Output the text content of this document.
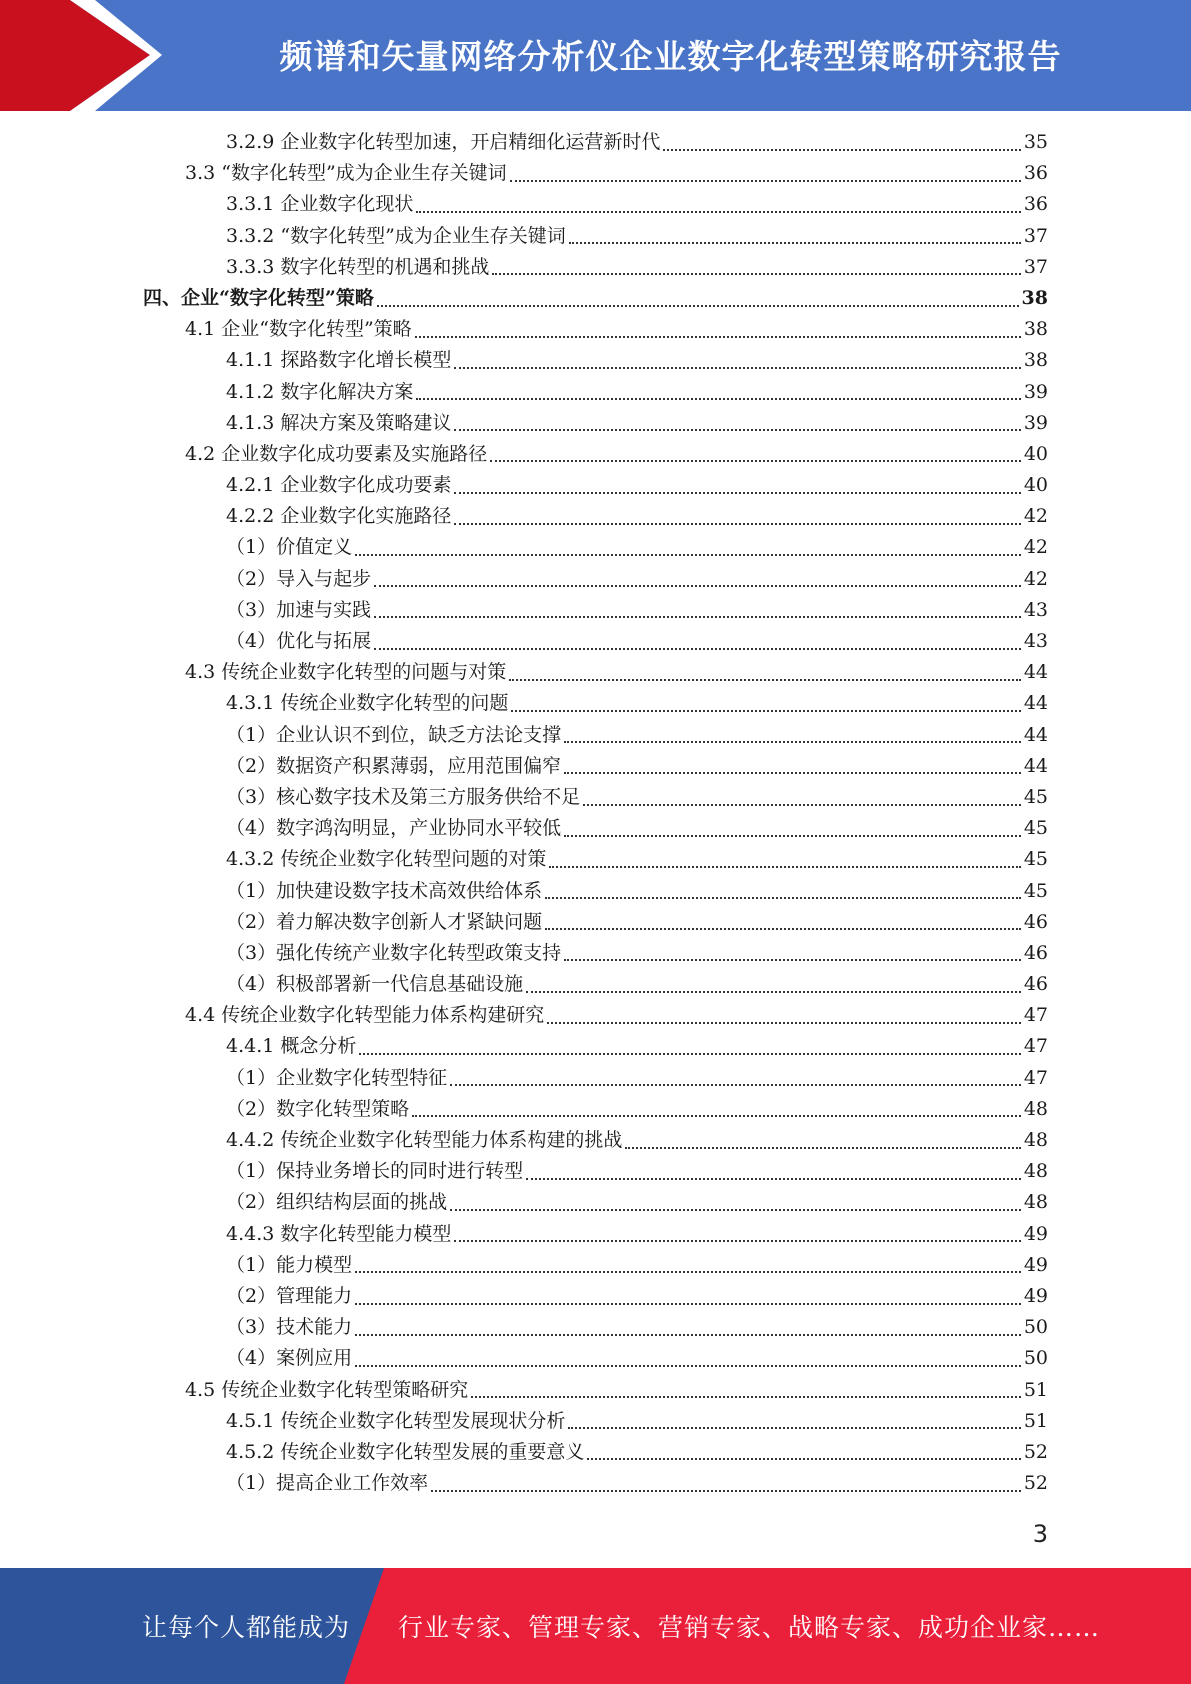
频谱和矢量网络分析仪企业数字化转型策略研究报告
3.2.9 企业数字化转型加速，开启精细化运营新时代	35
3.3 “数字化转型”成为企业生存关键词	36
3.3.1 企业数字化现状	36
3.3.2 “数字化转型”成为企业生存关键词	37
3.3.3 数字化转型的机遇和挑战	37
四、企业“数字化转型”策略	38
4.1 企业“数字化转型”策略	38
4.1.1 探路数字化增长模型	38
4.1.2 数字化解决方案	39
4.1.3 解决方案及策略建议	39
4.2 企业数字化成功要素及实施路径	40
4.2.1 企业数字化成功要素	40
4.2.2 企业数字化实施路径	42
（1）价值定义	42
（2）导入与起步	42
（3）加速与实践	43
（4）优化与拓展	43
4.3 传统企业数字化转型的问题与对策	44
4.3.1 传统企业数字化转型的问题	44
（1）企业认识不到位，缺乏方法论支撑	44
（2）数据资产积累薄弱，应用范围偏窄	44
（3）核心数字技术及第三方服务供给不足	45
（4）数字鸿沟明显，产业协同水平较低	45
4.3.2 传统企业数字化转型问题的对策	45
（1）加快建设数字技术高效供给体系	45
（2）着力解决数字创新人才紧缺问题	46
（3）强化传统产业数字化转型政策支持	46
（4）积极部署新一代信息基础设施	46
4.4 传统企业数字化转型能力体系构建研究	47
4.4.1 概念分析	47
（1）企业数字化转型特征	47
（2）数字化转型策略	48
4.4.2 传统企业数字化转型能力体系构建的挑战	48
（1）保持业务增长的同时进行转型	48
（2）组织结构层面的挑战	48
4.4.3 数字化转型能力模型	49
（1）能力模型	49
（2）管理能力	49
（3）技术能力	50
（4）案例应用	50
4.5 传统企业数字化转型策略研究	51
4.5.1 传统企业数字化转型发展现状分析	51
4.5.2 传统企业数字化转型发展的重要意义	52
（1）提高企业工作效率	52
3
让每个人都能成为 行业专家、管理专家、营销专家、战略专家、成功企业家……
